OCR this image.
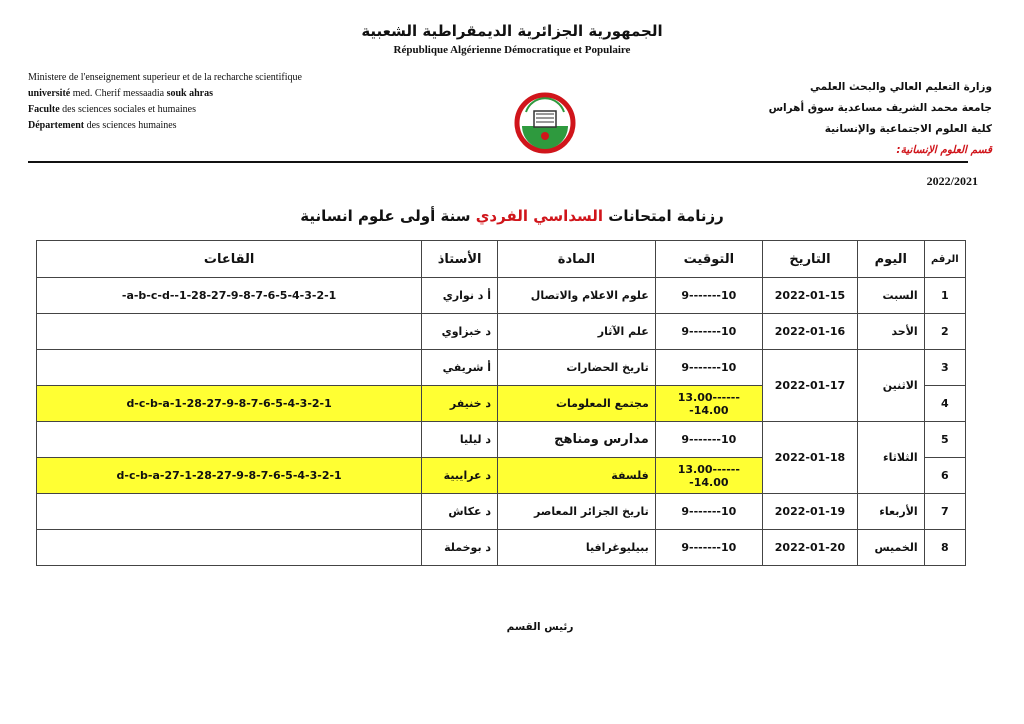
الجمهورية الجزائرية الديمقراطية الشعبية
République Algérienne Démocratique et Populaire
Ministere de l'enseignement superieur et de la recharche scientifique
université med. Cherif messaadia souk ahras
Faculte des sciences sociales et humaines
Département des sciences humaines
وزارة التعليم العالي والبحث العلمي
جامعة محمد الشريف مساعدية سوق أهراس
كلية العلوم الاجتماعية والإنسانية
قسم العلوم الإنسانية:
2022/2021
رزنامة امتحانات السداسي الفردي سنة أولى علوم انسانية
القاعات	الأستاذ	المادة	التوقيت	التاريخ	اليوم	الرقم
-a-b-c-d--1-28-27-9-8-7-6-5-4-3-2-1	أ د نواري	علوم الاعلام والاتصال	9-------10	2022-01-15	السبت	1
	د خبزاوي	علم الآثار	9-------10	2022-01-16	الأحد	2
	أ شريفي	تاريخ الحضارات	9-------10	2022-01-17	الاثنين	3
d-c-b-a-1-28-27-9-8-7-6-5-4-3-2-1	د خنيفر	مجتمع المعلومات	13.00-------14.00			4
	د ليليا	مدارس ومناهج	9-------10	2022-01-18	الثلاثاء	5
d-c-b-a-27-1-28-27-9-8-7-6-5-4-3-2-1	د عرايبية	فلسفة	13.00-------14.00			6
	د عكاش	تاريخ الجزائر المعاصر	9-------10	2022-01-19	الأربعاء	7
	د بوخملة	ببيليوغرافيا	9-------10	2022-01-20	الخميس	8
رئيس القسم
